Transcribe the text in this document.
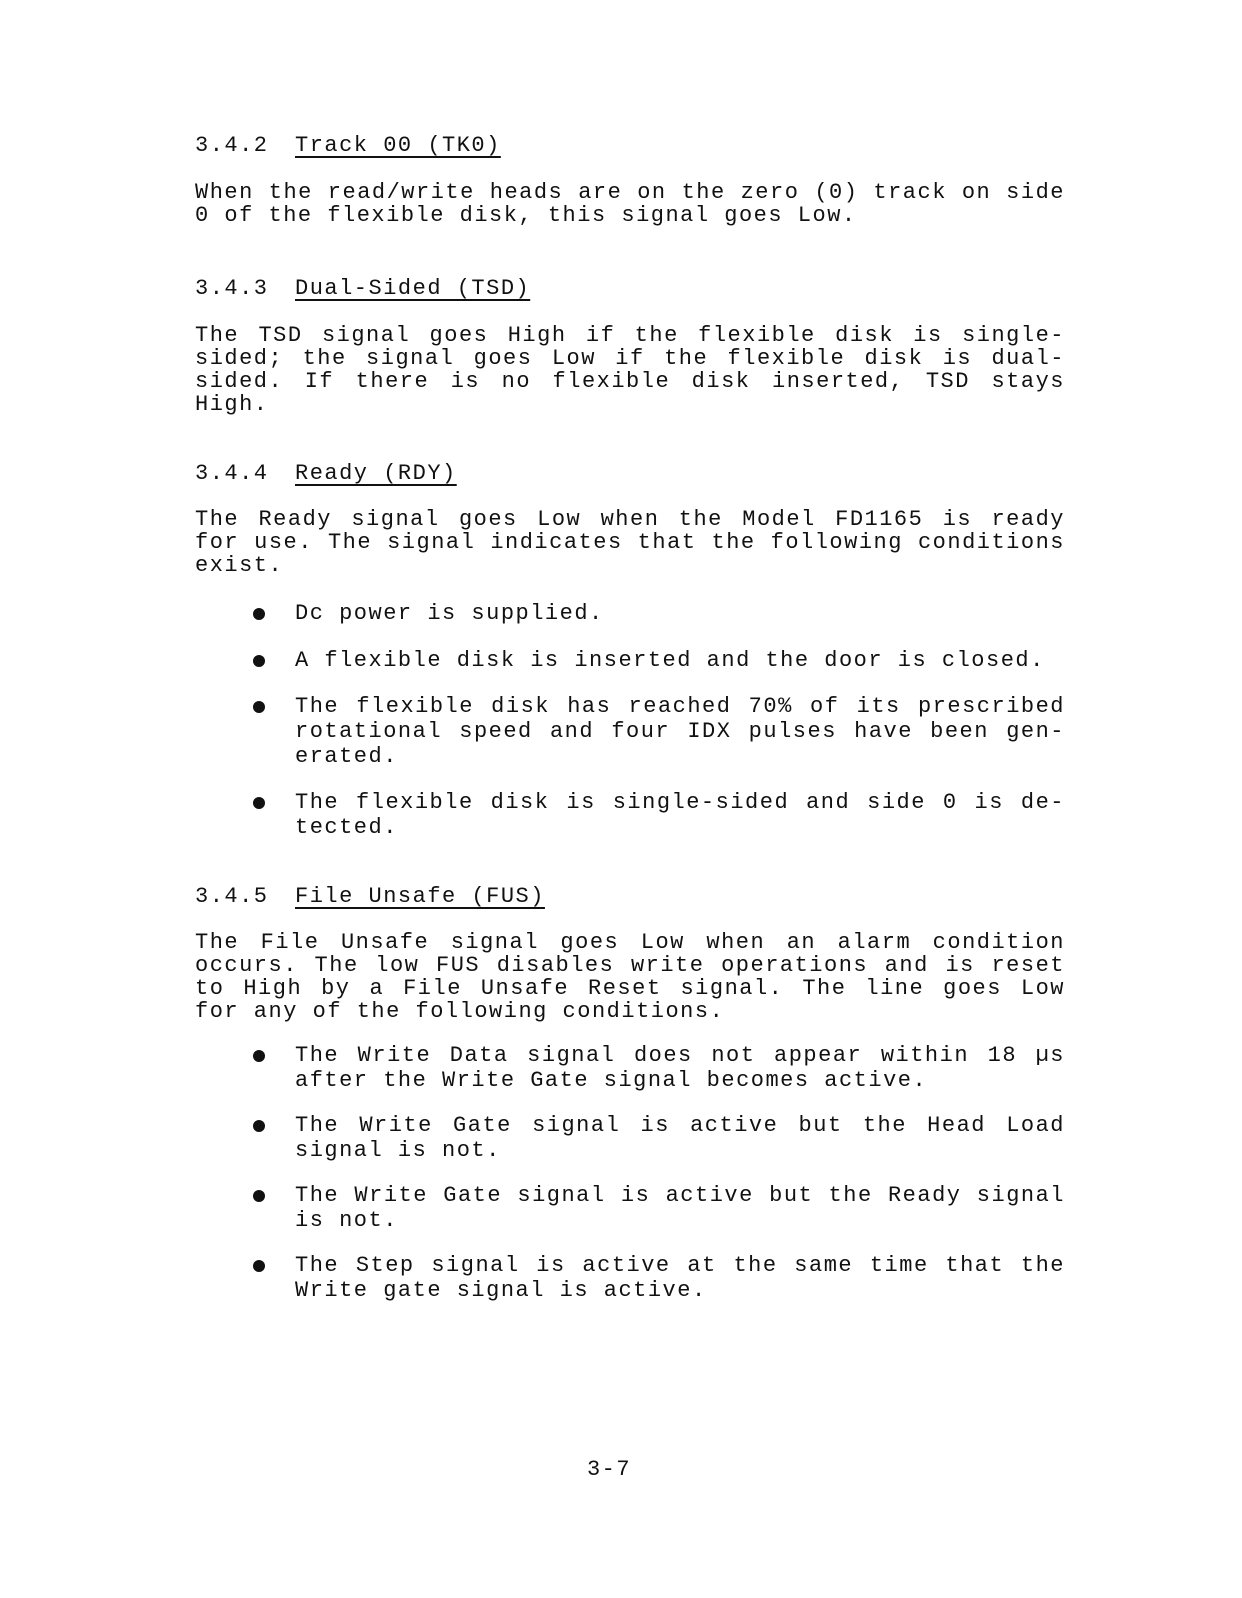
3.4.2	Track 00 (TK0)

When the read/write heads are on the zero (0) track on side 0 of the flexible disk, this signal goes Low.

3.4.3	Dual-Sided (TSD)

The TSD signal goes High if the flexible disk is single-sided; the signal goes Low if the flexible disk is dual-sided. If there is no flexible disk inserted, TSD stays High.

3.4.4	Ready (RDY)

The Ready signal goes Low when the Model FD1165 is ready for use. The signal indicates that the following conditions exist.

Dc power is supplied.
A flexible disk is inserted and the door is closed.
The flexible disk has reached 70% of its prescribed rotational speed and four IDX pulses have been gen-erated.
The flexible disk is single-sided and side 0 is de-tected.
3.4.5	File Unsafe (FUS)

The File Unsafe signal goes Low when an alarm condition occurs. The low FUS disables write operations and is reset to High by a File Unsafe Reset signal. The line goes Low for any of the following conditions.

The Write Data signal does not appear within 18 µs after the Write Gate signal becomes active.
The Write Gate signal is active but the Head Load signal is not.
The Write Gate signal is active but the Ready signal is not.
The Step signal is active at the same time that the Write gate signal is active.
3-7
